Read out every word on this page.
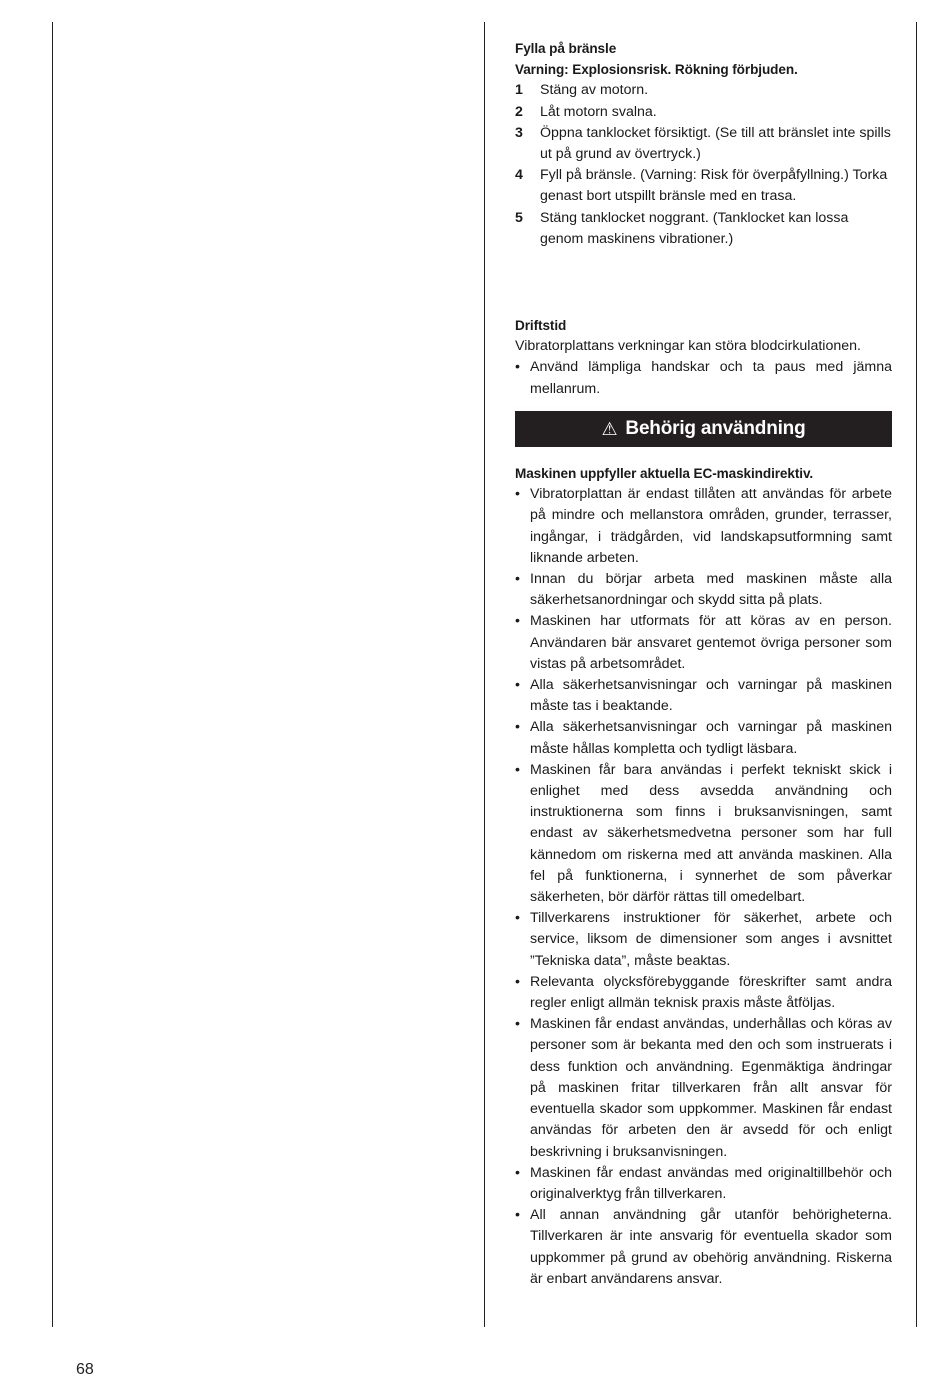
Fylla på bränsle
Varning: Explosionsrisk. Rökning förbjuden.
1 Stäng av motorn.
2 Låt motorn svalna.
3 Öppna tanklocket försiktigt. (Se till att bränslet inte spills ut på grund av övertryck.)
4 Fyll på bränsle. (Varning: Risk för överpåfyllning.) Torka genast bort utspillt bränsle med en trasa.
5 Stäng tanklocket noggrant. (Tanklocket kan lossa genom maskinens vibrationer.)
Driftstid

Vibratorplattans verkningar kan störa blodcirkulationen.

• Använd lämpliga handskar och ta paus med jämna mellanrum.
⚠ Behörig användning
Maskinen uppfyller aktuella EC-maskindirektiv.
• Vibratorplattan är endast tillåten att användas för arbete på mindre och mellanstora områden, grunder, terrasser, ingångar, i trädgården, vid landskapsutformning samt liknande arbeten.
• Innan du börjar arbeta med maskinen måste alla säkerhetsanordningar och skydd sitta på plats.
• Maskinen har utformats för att köras av en person. Användaren bär ansvaret gentemot övriga personer som vistas på arbetsområdet.
• Alla säkerhetsanvisningar och varningar på maskinen måste tas i beaktande.
• Alla säkerhetsanvisningar och varningar på maskinen måste hållas kompletta och tydligt läsbara.
• Maskinen får bara användas i perfekt tekniskt skick i enlighet med dess avsedda användning och instruktionerna som finns i bruksanvisningen, samt endast av säkerhetsmedvetna personer som har full kännedom om riskerna med att använda maskinen. Alla fel på funktionerna, i synnerhet de som påverkar säkerheten, bör därför rättas till omedelbart.
• Tillverkarens instruktioner för säkerhet, arbete och service, liksom de dimensioner som anges i avsnittet ”Tekniska data”, måste beaktas.
• Relevanta olycksförebyggande föreskrifter samt andra regler enligt allmän teknisk praxis måste åtföljas.
• Maskinen får endast användas, underhållas och köras av personer som är bekanta med den och som instruerats i dess funktion och användning. Egenmäktiga ändringar på maskinen fritar tillverkaren från allt ansvar för eventuella skador som uppkommer. Maskinen får endast användas för arbeten den är avsedd för och enligt beskrivning i bruksanvisningen.
• Maskinen får endast användas med originaltillbehör och originalverktyg från tillverkaren.
• All annan användning går utanför behörigheterna. Tillverkaren är inte ansvarig för eventuella skador som uppkommer på grund av obehörig användning. Riskerna är enbart användarens ansvar.
68
